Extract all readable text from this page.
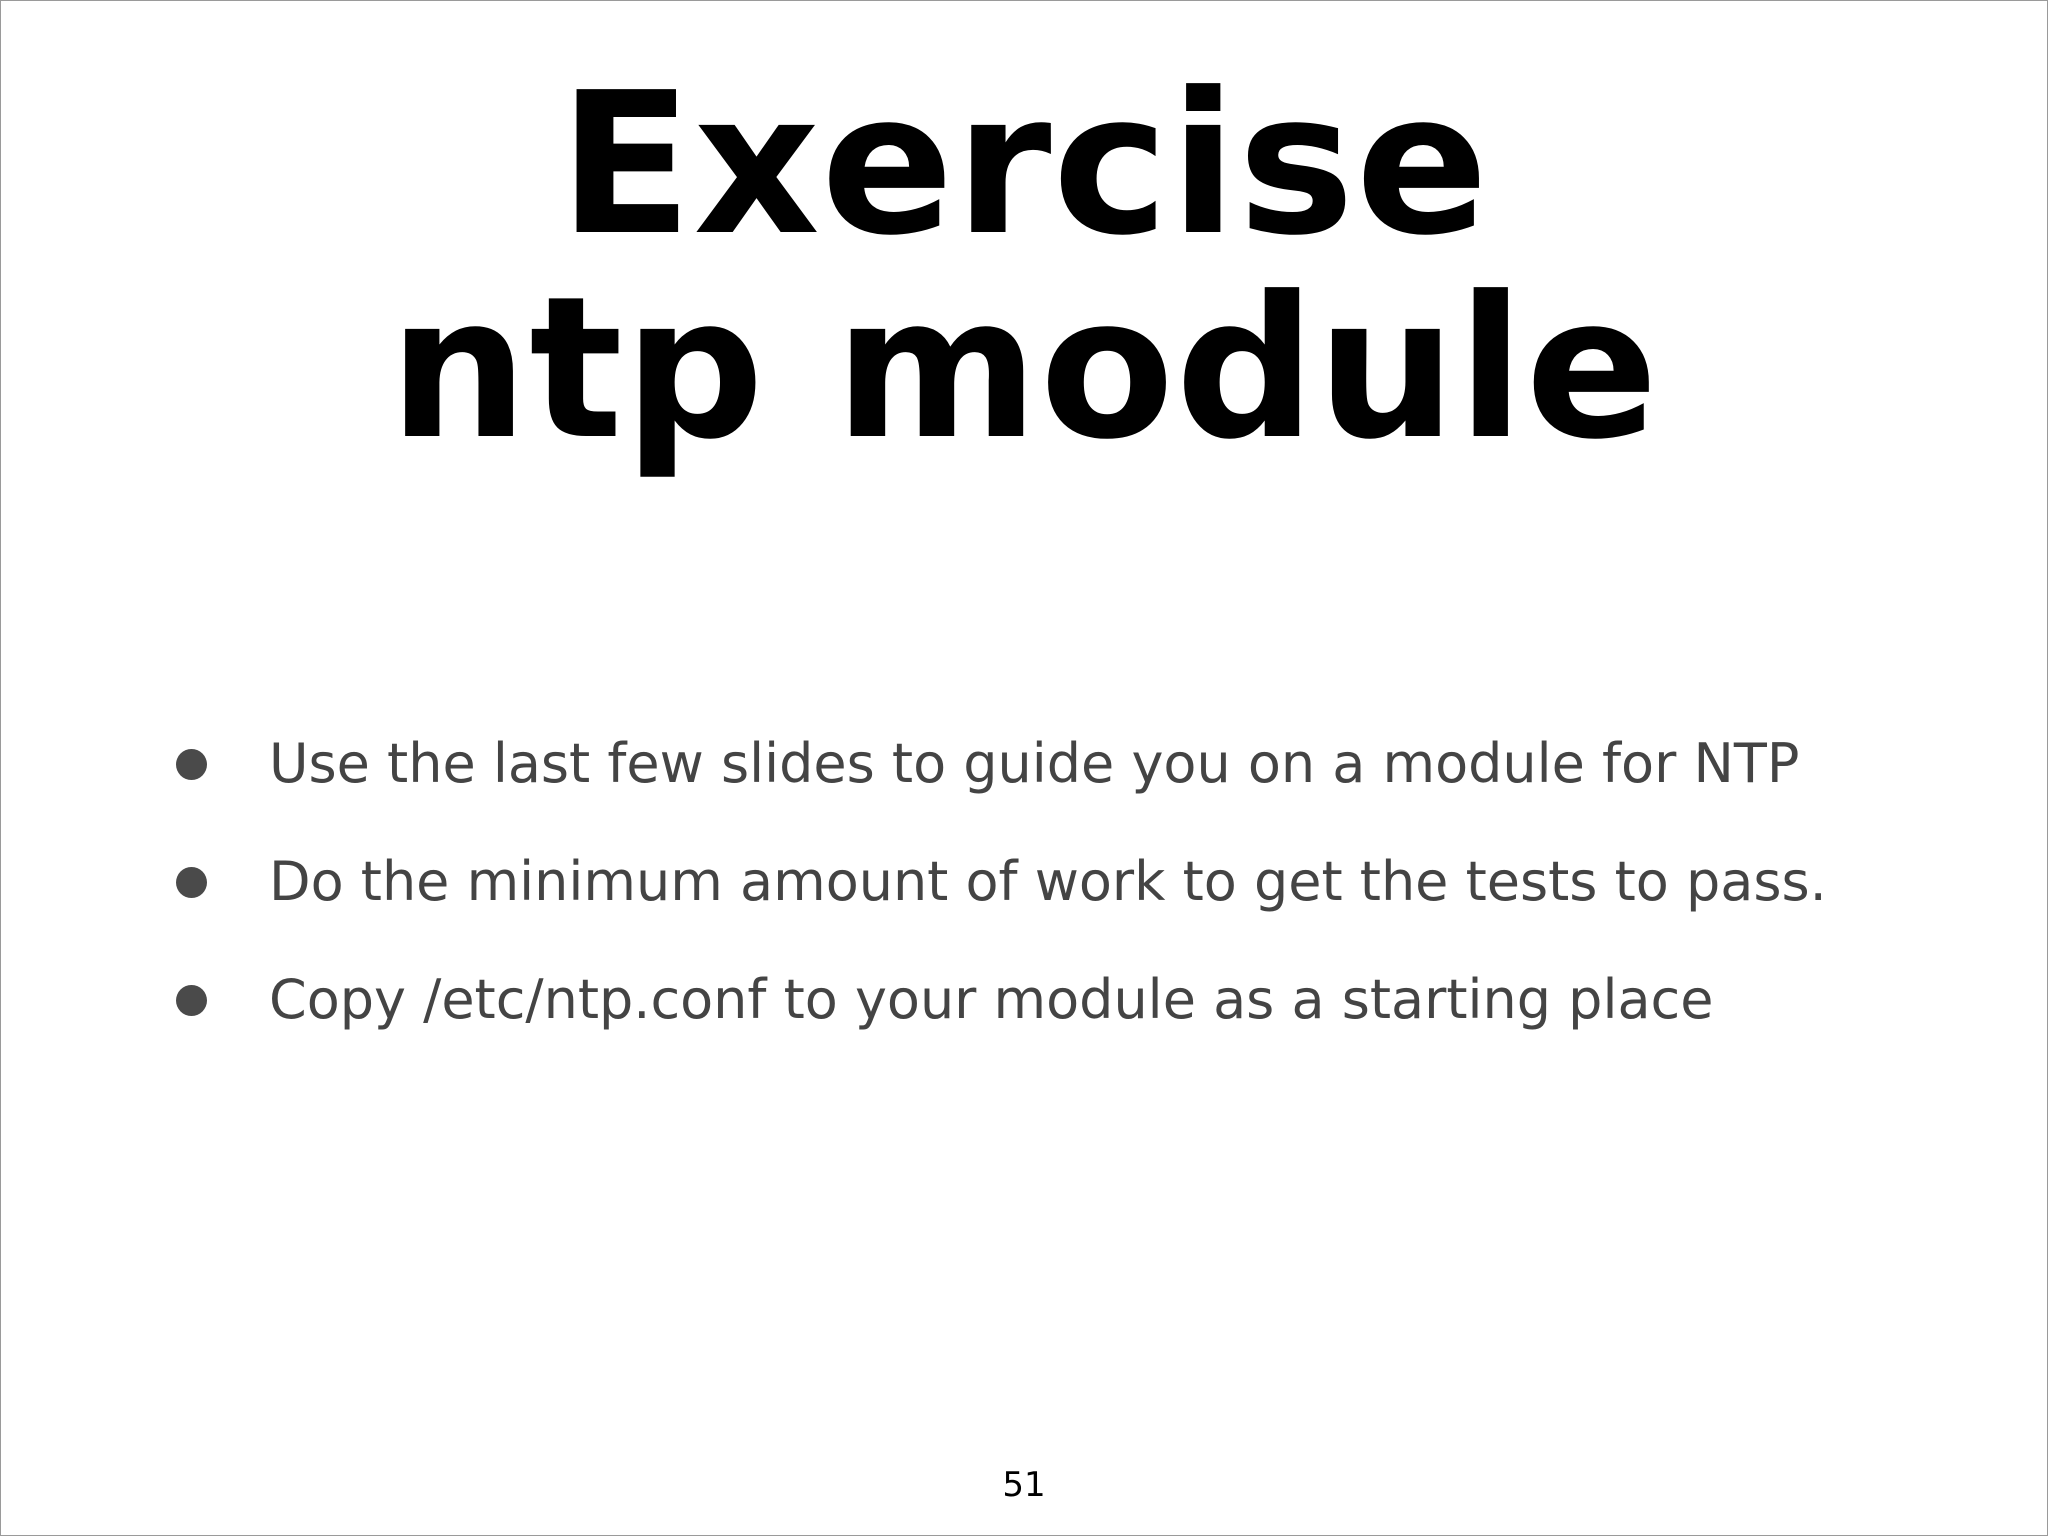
Exercise
ntp module
Use the last few slides to guide you on a module for NTP
Do the minimum amount of work to get the tests to pass.
Copy /etc/ntp.conf to your module as a starting place
51
